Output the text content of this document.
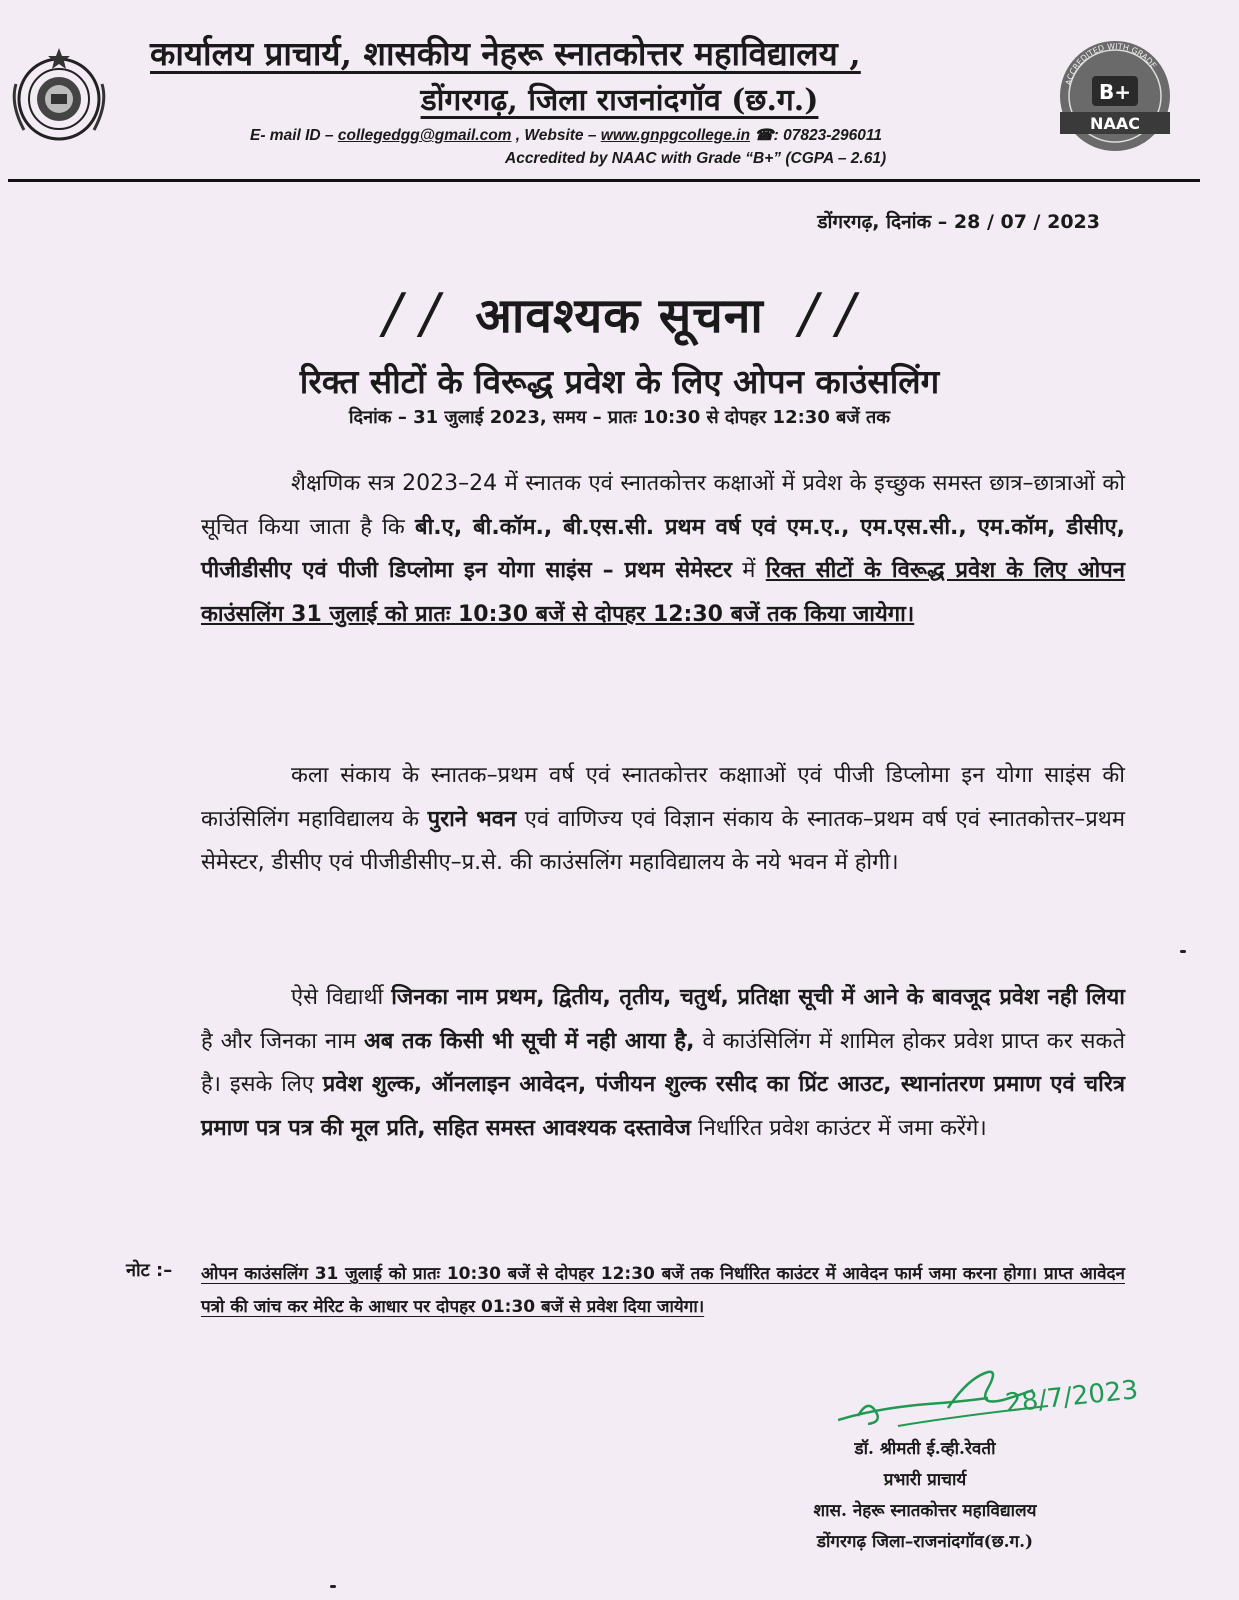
कार्यालय प्राचार्य, शासकीय नेहरू स्नातकोत्तर महाविद्यालय ,
डोंगरगढ़, जिला राजनांदगॉव (छ.ग.)
E- mail ID – collegedgg@gmail.com , Website – www.gnpgcollege.in ☎: 07823-296011
Accredited by NAAC with Grade “B+” (CGPA – 2.61)
ACCREDITED WITH GRADE
B+
NAAC
डोंगरगढ़, दिनांक – 28 / 07 / 2023
/ / आवश्यक सूचना / /
रिक्त सीटों के विरूद्ध प्रवेश के लिए ओपन काउंसलिंग
दिनांक – 31 जुलाई 2023, समय – प्रातः 10:30 से दोपहर 12:30 बजें तक
शैक्षणिक सत्र 2023–24 में स्नातक एवं स्नातकोत्तर कक्षाओं में प्रवेश के इच्छुक समस्त छात्र–छात्राओं को सूचित किया जाता है कि बी.ए, बी.कॉम., बी.एस.सी. प्रथम वर्ष एवं एम.ए., एम.एस.सी., एम.कॉम, डीसीए, पीजीडीसीए एवं पीजी डिप्लोमा इन योगा साइंस – प्रथम सेमेस्टर में रिक्त सीटों के विरूद्ध प्रवेश के लिए ओपन काउंसलिंग 31 जुलाई को प्रातः 10:30 बजें से दोपहर 12:30 बजें तक किया जायेगा।
कला संकाय के स्नातक–प्रथम वर्ष एवं स्नातकोत्तर कक्षााओं एवं पीजी डिप्लोमा इन योगा साइंस की काउंसिलिंग महाविद्यालय के पुराने भवन एवं वाणिज्य एवं विज्ञान संकाय के स्नातक–प्रथम वर्ष एवं स्नातकोत्तर–प्रथम सेमेस्टर, डीसीए एवं पीजीडीसीए–प्र.से. की काउंसलिंग महाविद्यालय के नये भवन में होगी।
ऐसे विद्यार्थी जिनका नाम प्रथम, द्वितीय, तृतीय, चतुर्थ, प्रतिक्षा सूची में आने के बावजूद प्रवेश नही लिया है और जिनका नाम अब तक किसी भी सूची में नही आया है, वे काउंसिलिंग में शामिल होकर प्रवेश प्राप्त कर सकते है। इसके लिए प्रवेश शुल्क, ऑनलाइन आवेदन, पंजीयन शुल्क रसीद का प्रिंट आउट, स्थानांतरण प्रमाण एवं चरित्र प्रमाण पत्र पत्र की मूल प्रति, सहित समस्त आवश्यक दस्तावेज निर्धारित प्रवेश काउंटर में जमा करेंगे।
नोट :– ओपन काउंसलिंग 31 जुलाई को प्रातः 10:30 बजें से दोपहर 12:30 बजें तक निर्धारित काउंटर में आवेदन फार्म जमा करना होगा। प्राप्त आवेदन पत्रो की जांच कर मेरिट के आधार पर दोपहर 01:30 बजें से प्रवेश दिया जायेगा।
28/7/2023
डॉ. श्रीमती ई.व्ही.रेवती
प्रभारी प्राचार्य
शास. नेहरू स्नातकोत्तर महाविद्यालय
डोंगरगढ़ जिला–राजनांदगॉव(छ.ग.)
